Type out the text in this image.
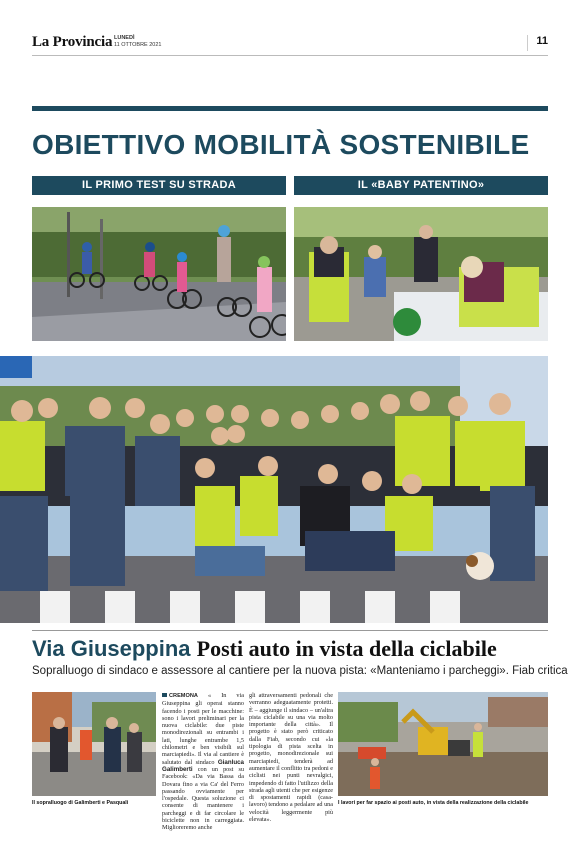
La Provincia LUNEDÌ
11 OTTOBRE 2021	11
OBIETTIVO MOBILITÀ SOSTENIBILE
IL PRIMO TEST SU STRADA	IL «BABY PATENTINO»
Via Giuseppina Posti auto in vista della ciclabile
Sopralluogo di sindaco e assessore al cantiere per la nuova pista: «Manteniamo i parcheggi». Fiab critica
Il sopralluogo di Galimberti e Pasquali
CREMONA « In via Giuseppina gli operai stanno facendo i posti per le macchine: sono i lavori preliminari per la nuova ciclabile: due piste monodirezionali su entrambi i lati, lunghe entrambe 1,5 chilometri e ben visibili sul marciapiedi». Il via al cantiere è salutato dal sindaco Gianluca Galimberti con un post su Facebook: «Da via Bassa da Dovara fino a via Ca' del Ferro passando ovviamente per l'ospedale. Questa soluzione ci consente di mantenere i parcheggi e di far circolare le biciclette non in carreggiata. Miglioreremo anche
gli attraversamenti pedonali che verranno adeguatamente protetti. È – aggiunge il sindaco – un'altra pista ciclabile su una via molto importante della città». Il progetto è stato però criticato dalla Fiab, secondo cui «la tipologia di pista scelta in progetto, monodirezionale sui marciapiedi, tenderà ad aumentare il conflitto tra pedoni e ciclisti nei punti nevralgici, impedendo di fatto l'utilizzo della strada agli utenti che per esigenze di spostamenti rapidi (casa-lavoro) tendono a pedalare ad una velocità leggermente più elevata».
I lavori per far spazio ai posti auto, in vista della realizzazione della ciclabile
